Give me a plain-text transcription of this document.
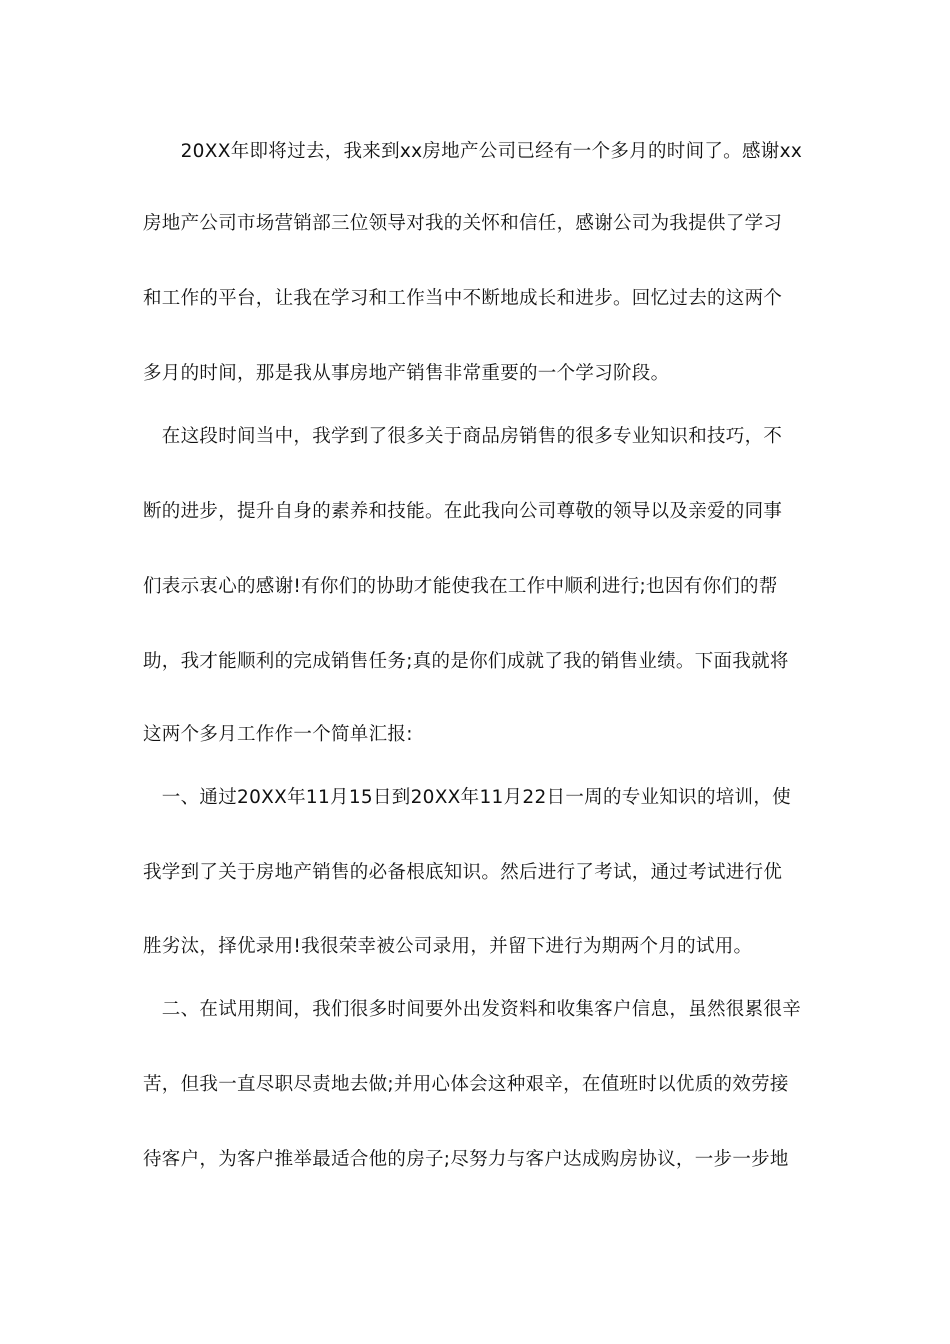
　　20XX年即将过去，我来到xx房地产公司已经有一个多月的时间了。感谢xx
房地产公司市场营销部三位领导对我的关怀和信任，感谢公司为我提供了学习
和工作的平台，让我在学习和工作当中不断地成长和进步。回忆过去的这两个
多月的时间，那是我从事房地产销售非常重要的一个学习阶段。
　在这段时间当中，我学到了很多关于商品房销售的很多专业知识和技巧，不
断的进步，提升自身的素养和技能。在此我向公司尊敬的领导以及亲爱的同事
们表示衷心的感谢!有你们的协助才能使我在工作中顺利进行;也因有你们的帮
助，我才能顺利的完成销售任务;真的是你们成就了我的销售业绩。下面我就将
这两个多月工作作一个简单汇报:
　一、通过20XX年11月15日到20XX年11月22日一周的专业知识的培训，使
我学到了关于房地产销售的必备根底知识。然后进行了考试，通过考试进行优
胜劣汰，择优录用!我很荣幸被公司录用，并留下进行为期两个月的试用。
　二、在试用期间，我们很多时间要外出发资料和收集客户信息，虽然很累很辛
苦，但我一直尽职尽责地去做;并用心体会这种艰辛，在值班时以优质的效劳接
待客户，为客户推举最适合他的房子;尽努力与客户达成购房协议，一步一步地
